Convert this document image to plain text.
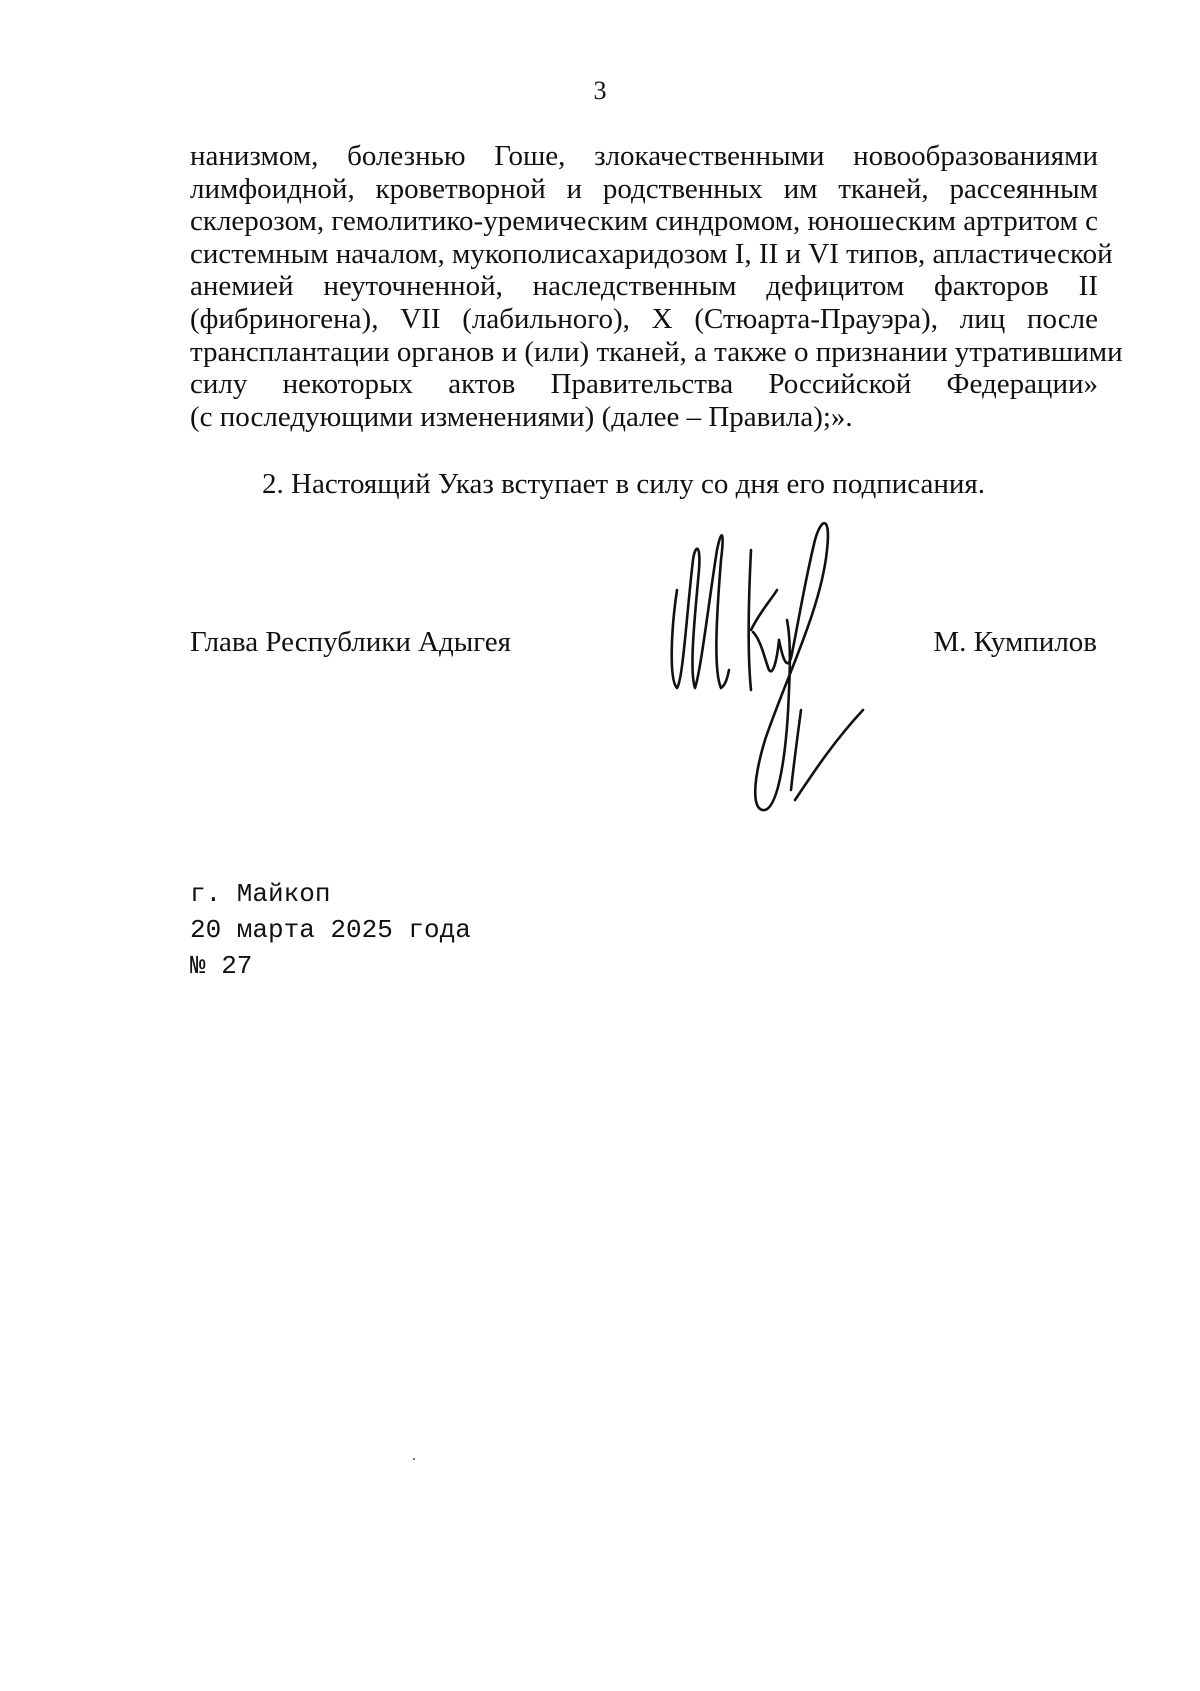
3
нанизмом, болезнью Гоше, злокачественными новообразованиями
лимфоидной, кроветворной и родственных им тканей, рассеянным
склерозом, гемолитико-уремическим синдромом, юношеским артритом с
системным началом, мукополисахаридозом I, II и VI типов, апластической
анемией неуточненной, наследственным дефицитом факторов II
(фибриногена), VII (лабильного), X (Стюарта-Прауэра), лиц после
трансплантации органов и (или) тканей, а также о признании утратившими
силу некоторых актов Правительства Российской Федерации»
(с последующими изменениями) (далее – Правила);».

2. Настоящий Указ вступает в силу со дня его подписания.

Глава Республики Адыгея	М. Кумпилов
г. Майкоп
20 марта 2025 года
№ 27
